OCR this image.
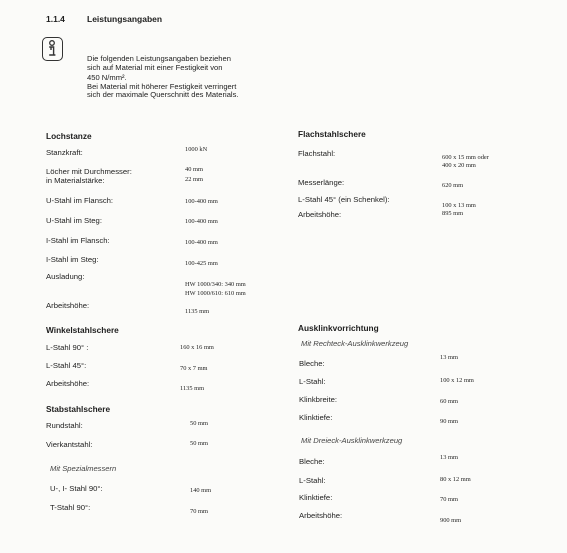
1.1.4	Leistungsangaben

Die folgenden Leistungsangaben beziehen

sich auf Material mit einer Festigkeit von

450 N/mm².

Bei Material mit höherer Festigkeit verringert

sich der maximale Querschnitt des Materials.

Lochstanze
Stanzkraft:	1000 kN
Löcher mit Durchmesser:	40 mm
in Materialstärke:	22 mm
U-Stahl im Flansch:	100-400 mm
U-Stahl im Steg:	100-400 mm
I-Stahl im Flansch:	100-400 mm
I-Stahl im Steg:	100-425 mm
Ausladung:
HW 1000/340: 340 mm
HW 1000/610: 610 mm
Arbeitshöhe:
1135 mm
Winkelstahlschere
L-Stahl 90° :	160 x 16 mm
L-Stahl 45°:	70 x 7 mm
Arbeitshöhe:
1135 mm
Stabstahlschere
Rundstahl:	50 mm
Vierkantstahl:	50 mm
Mit Spezialmessern
U-, I- Stahl 90°:	140 mm
T-Stahl 90°:	70 mm
Flachstahlschere
Flachstahl:	600 x 15 mm oder
400 x 20 mm
Messerlänge:	620 mm
L-Stahl 45° (ein Schenkel):
100 x 13 mm
Arbeitshöhe:	895 mm
Ausklinkvorrichtung
Mit Rechteck-Ausklinkwerkzeug
Bleche:
13 mm
L-Stahl:	100 x 12 mm
Klinkbreite:	60 mm
Klinktiefe:	90 mm
Mit Dreieck-Ausklinkwerkzeug
Bleche:	13 mm
L-Stahl:	80 x 12 mm
Klinktiefe:	70 mm
Arbeitshöhe:
900 mm
